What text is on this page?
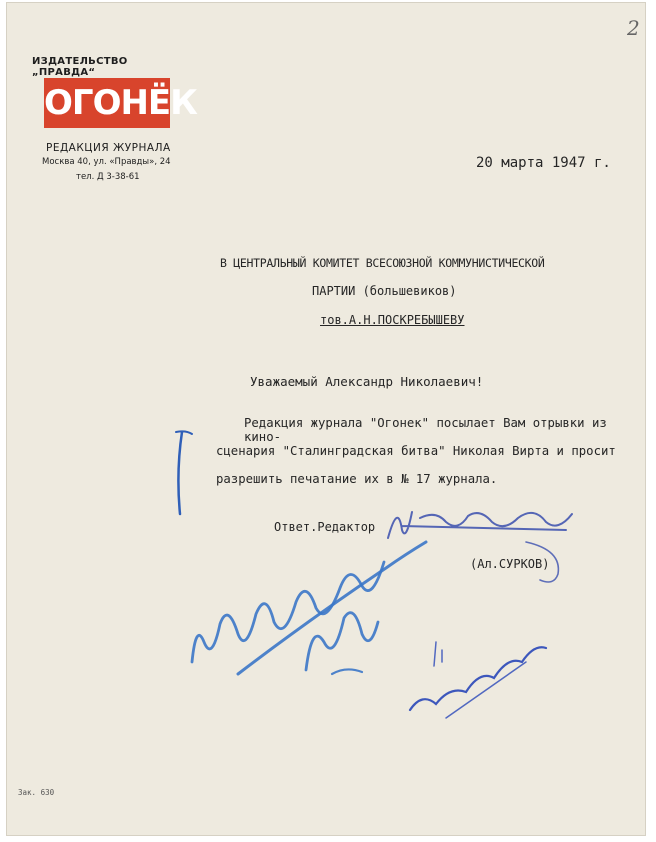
2
ИЗДАТЕЛЬСТВО „ПРАВДА“
ОГОНЁК
РЕДАКЦИЯ ЖУРНАЛА
Москва 40, ул. «Правды», 24
тел. Д 3-38-61
20 марта 1947 г.
В ЦЕНТРАЛЬНЫЙ КОМИТЕТ ВСЕСОЮЗНОЙ КОММУНИСТИЧЕСКОЙ
ПАРТИИ (большевиков)
тов.А.Н.ПОСКРЕБЫШЕВУ
Уважаемый Александр Николаевич!
Редакция журнала "Огонек" посылает Вам отрывки из кино-
сценария "Сталинградская битва" Николая Вирта и просит
разрешить печатание их в № 17 журнала.
Ответ.Редактор
(Ал.СУРКОВ)
Зак. 630
